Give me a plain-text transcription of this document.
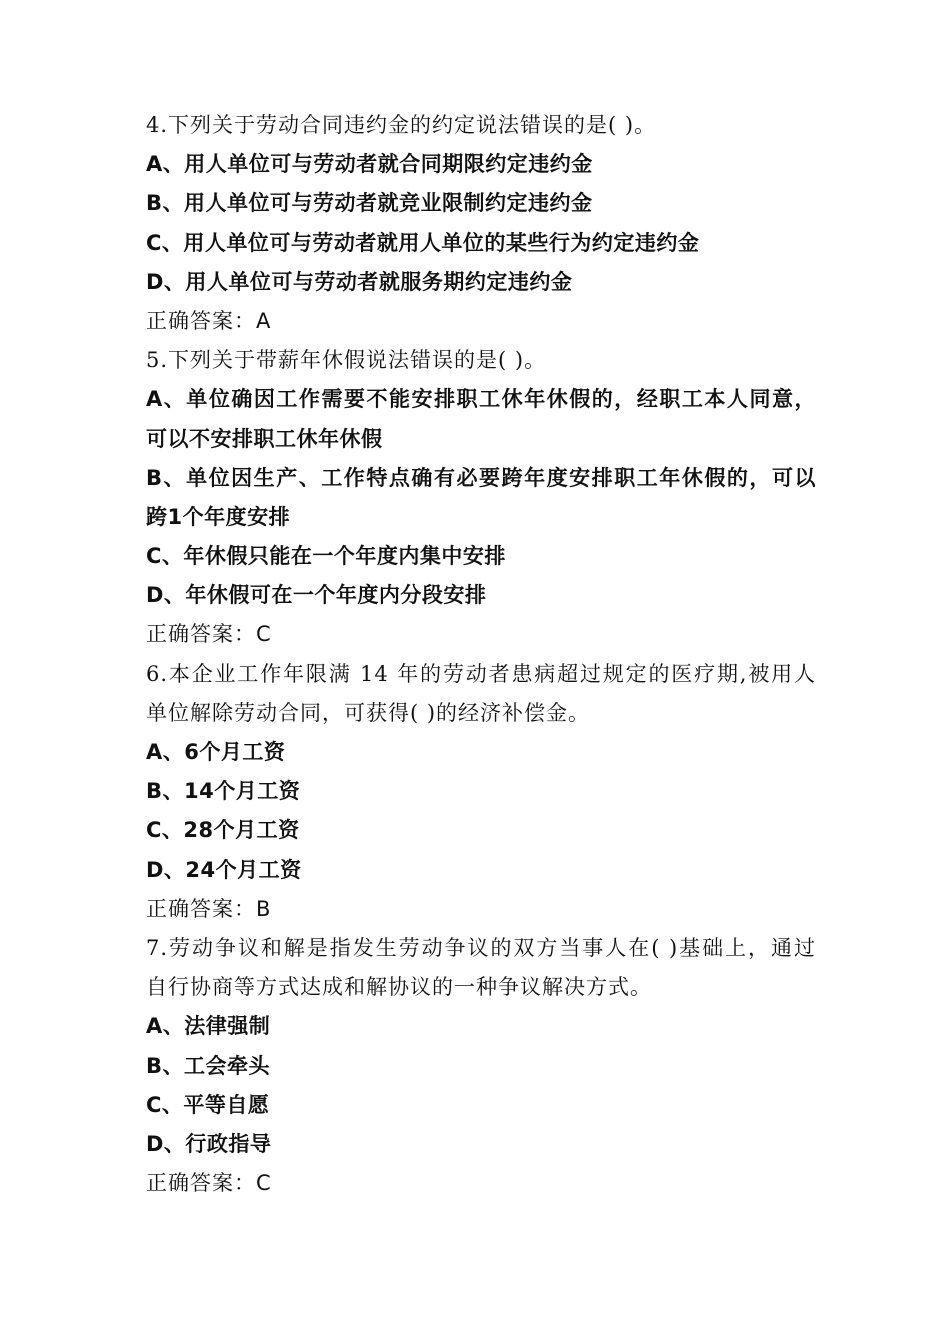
4.下列关于劳动合同违约金的约定说法错误的是( )。
A、用人单位可与劳动者就合同期限约定违约金
B、用人单位可与劳动者就竞业限制约定违约金
C、用人单位可与劳动者就用人单位的某些行为约定违约金
D、用人单位可与劳动者就服务期约定违约金
正确答案：A
5.下列关于带薪年休假说法错误的是( )。
A、单位确因工作需要不能安排职工休年休假的，经职工本人同意，
可以不安排职工休年休假
B、单位因生产、工作特点确有必要跨年度安排职工年休假的，可以
跨1个年度安排
C、年休假只能在一个年度内集中安排
D、年休假可在一个年度内分段安排
正确答案：C
6.本企业工作年限满 14 年的劳动者患病超过规定的医疗期,被用人
单位解除劳动合同，可获得( )的经济补偿金。
A、6个月工资
B、14个月工资
C、28个月工资
D、24个月工资
正确答案：B
7.劳动争议和解是指发生劳动争议的双方当事人在( )基础上，通过
自行协商等方式达成和解协议的一种争议解决方式。
A、法律强制
B、工会牵头
C、平等自愿
D、行政指导
正确答案：C
